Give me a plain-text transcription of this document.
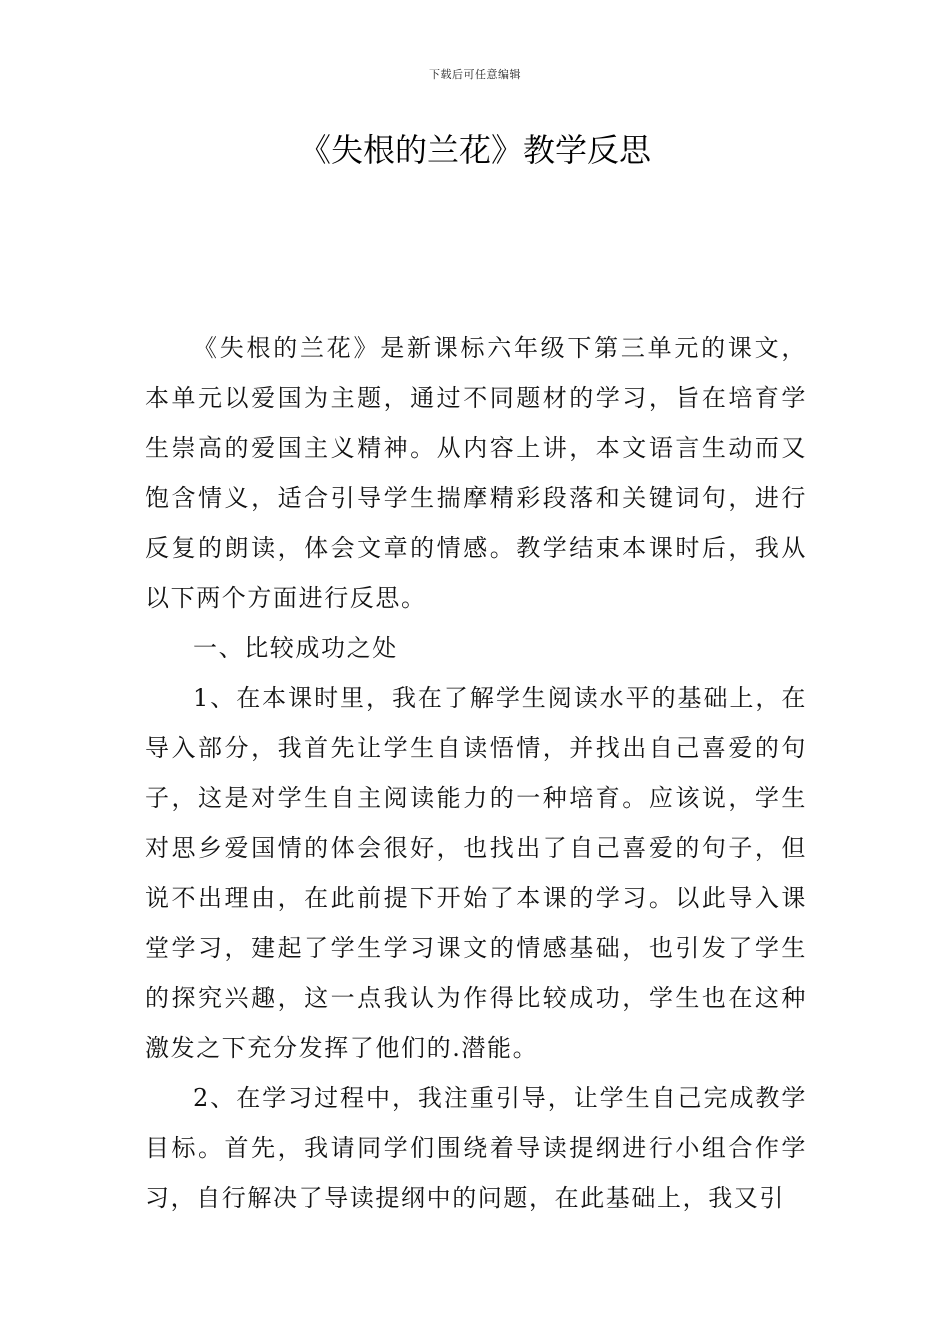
下载后可任意编辑
《失根的兰花》教学反思

《失根的兰花》是新课标六年级下第三单元的课文，本单元以爱国为主题，通过不同题材的学习，旨在培育学生崇高的爱国主义精神。从内容上讲，本文语言生动而又饱含情义，适合引导学生揣摩精彩段落和关键词句，进行反复的朗读，体会文章的情感。教学结束本课时后，我从以下两个方面进行反思。

一、比较成功之处

1、在本课时里，我在了解学生阅读水平的基础上，在导入部分，我首先让学生自读悟情，并找出自己喜爱的句子，这是对学生自主阅读能力的一种培育。应该说，学生对思乡爱国情的体会很好，也找出了自己喜爱的句子，但说不出理由，在此前提下开始了本课的学习。以此导入课堂学习，建起了学生学习课文的情感基础，也引发了学生的探究兴趣，这一点我认为作得比较成功，学生也在这种激发之下充分发挥了他们的.潜能。

2、在学习过程中，我注重引导，让学生自己完成教学目标。首先，我请同学们围绕着导读提纲进行小组合作学习，自行解决了导读提纲中的问题，在此基础上，我又引
